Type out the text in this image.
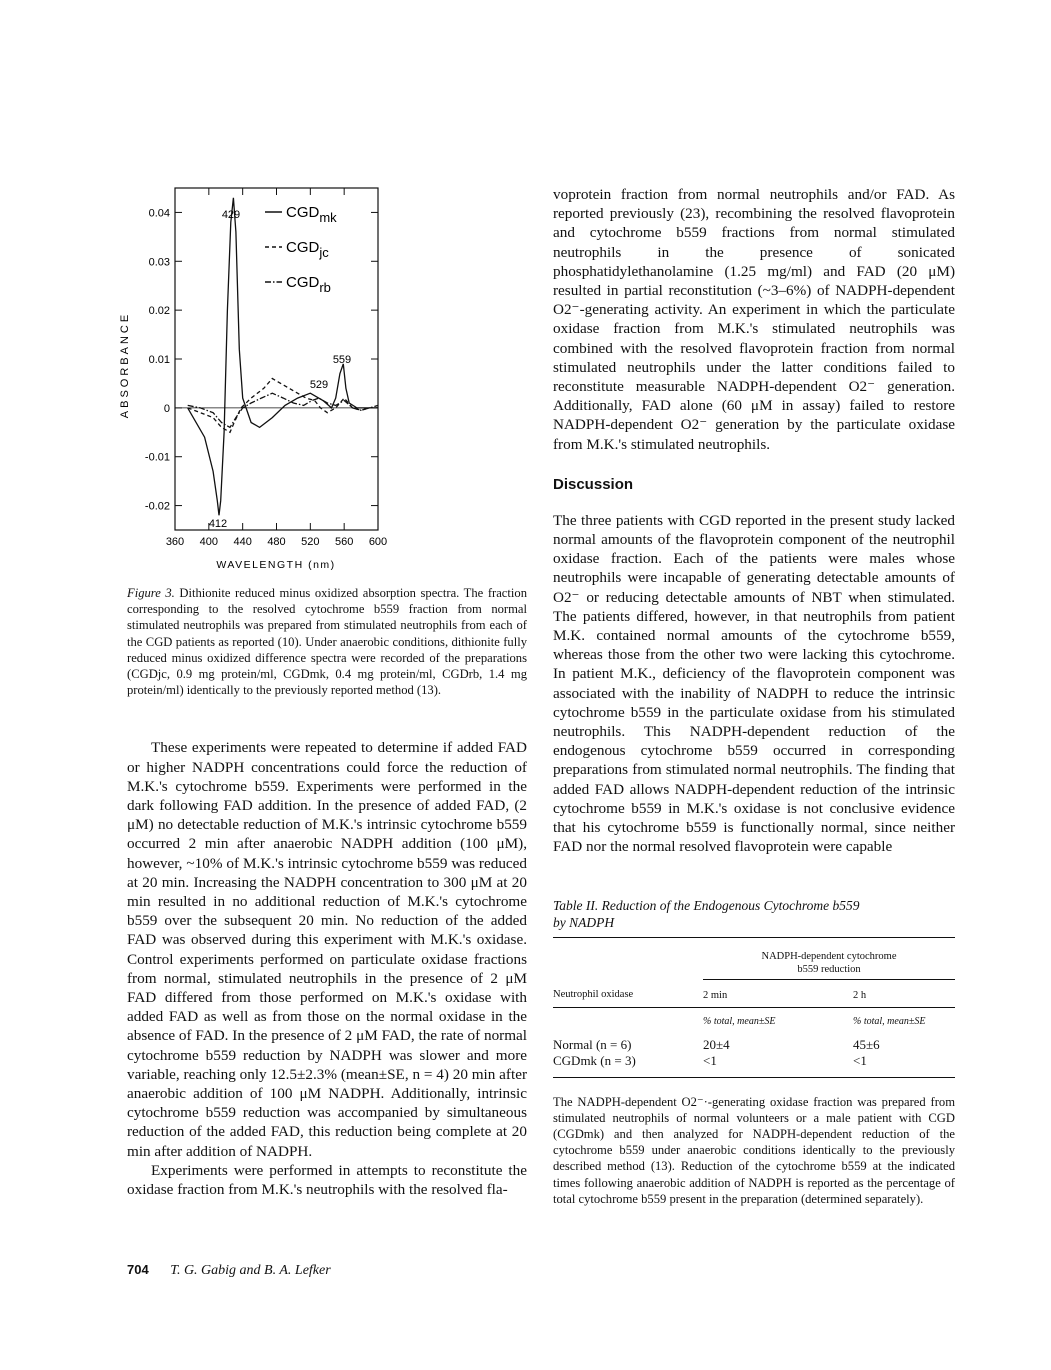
0.04
0.03
0.02
0.01
0
-0.01
-0.02
360 400 440 480 520 560 600
CGDmk
CGDjc
CGDrb
429
559
529
412
ABSORBANCE
WAVELENGTH (nm)

Figure 3. Dithionite reduced minus oxidized absorption spectra. The fraction corresponding to the resolved cytochrome b559 fraction from normal stimulated neutrophils was prepared from stimulated neutrophils from each of the CGD patients as reported (10). Under anaerobic conditions, dithionite fully reduced minus oxidized difference spectra were recorded of the preparations (CGDjc, 0.9 mg protein/ml, CGDmk, 0.4 mg protein/ml, CGDrb, 1.4 mg protein/ml) identically to the previously reported method (13).

These experiments were repeated to determine if added FAD or higher NADPH concentrations could force the reduction of M.K.'s cytochrome b559. Experiments were performed in the dark following FAD addition. In the presence of added FAD, (2 μM) no detectable reduction of M.K.'s intrinsic cytochrome b559 occurred 2 min after anaerobic NADPH addition (100 μM), however, ~10% of M.K.'s intrinsic cytochrome b559 was reduced at 20 min. Increasing the NADPH concentration to 300 μM at 20 min resulted in no additional reduction of M.K.'s cytochrome b559 over the subsequent 20 min. No reduction of the added FAD was observed during this experiment with M.K.'s oxidase. Control experiments performed on particulate oxidase fractions from normal, stimulated neutrophils in the presence of 2 μM FAD differed from those performed on M.K.'s oxidase with added FAD as well as from those on the normal oxidase in the absence of FAD. In the presence of 2 μM FAD, the rate of normal cytochrome b559 reduction by NADPH was slower and more variable, reaching only 12.5±2.3% (mean±SE, n = 4) 20 min after anaerobic addition of 100 μM NADPH. Additionally, intrinsic cytochrome b559 reduction was accompanied by simultaneous reduction of the added FAD, this reduction being complete at 20 min after addition of NADPH.

Experiments were performed in attempts to reconstitute the oxidase fraction from M.K.'s neutrophils with the resolved fla-

voprotein fraction from normal neutrophils and/or FAD. As reported previously (23), recombining the resolved flavoprotein and cytochrome b559 fractions from normal stimulated neutrophils in the presence of sonicated phosphatidylethanolamine (1.25 mg/ml) and FAD (20 μM) resulted in partial reconstitution (~3–6%) of NADPH-dependent O2⁻-generating activity. An experiment in which the particulate oxidase fraction from M.K.'s stimulated neutrophils was combined with the resolved flavoprotein fraction from normal stimulated neutrophils under the latter conditions failed to reconstitute measurable NADPH-dependent O2⁻ generation. Additionally, FAD alone (60 μM in assay) failed to restore NADPH-dependent O2⁻ generation by the particulate oxidase from M.K.'s stimulated neutrophils.

Discussion

The three patients with CGD reported in the present study lacked normal amounts of the flavoprotein component of the neutrophil oxidase fraction. Each of the patients were males whose neutrophils were incapable of generating detectable amounts of O2⁻ or reducing detectable amounts of NBT when stimulated. The patients differed, however, in that neutrophils from patient M.K. contained normal amounts of the cytochrome b559, whereas those from the other two were lacking this cytochrome. In patient M.K., deficiency of the flavoprotein component was associated with the inability of NADPH to reduce the intrinsic cytochrome b559 in the particulate oxidase from his stimulated neutrophils. This NADPH-dependent reduction of the endogenous cytochrome b559 occurred in corresponding preparations from stimulated normal neutrophils. The finding that added FAD allows NADPH-dependent reduction of the intrinsic cytochrome b559 in M.K.'s oxidase is not conclusive evidence that his cytochrome b559 is functionally normal, since neither FAD nor the normal resolved flavoprotein were capable

Table II. Reduction of the Endogenous Cytochrome b559
by NADPH

	NADPH-dependent cytochrome
b559 reduction	
Neutrophil oxidase	2 min	2 h
	% total, mean±SE	% total, mean±SE
Normal (n = 6)	20±4	45±6
CGDmk (n = 3)	<1	<1

The NADPH-dependent O2⁻·-generating oxidase fraction was prepared from stimulated neutrophils of normal volunteers or a male patient with CGD (CGDmk) and then analyzed for NADPH-dependent reduction of the cytochrome b559 under anaerobic conditions identically to the previously described method (13). Reduction of the cytochrome b559 at the indicated times following anaerobic addition of NADPH is reported as the percentage of total cytochrome b559 present in the preparation (determined separately).

704 T. G. Gabig and B. A. Lefker
